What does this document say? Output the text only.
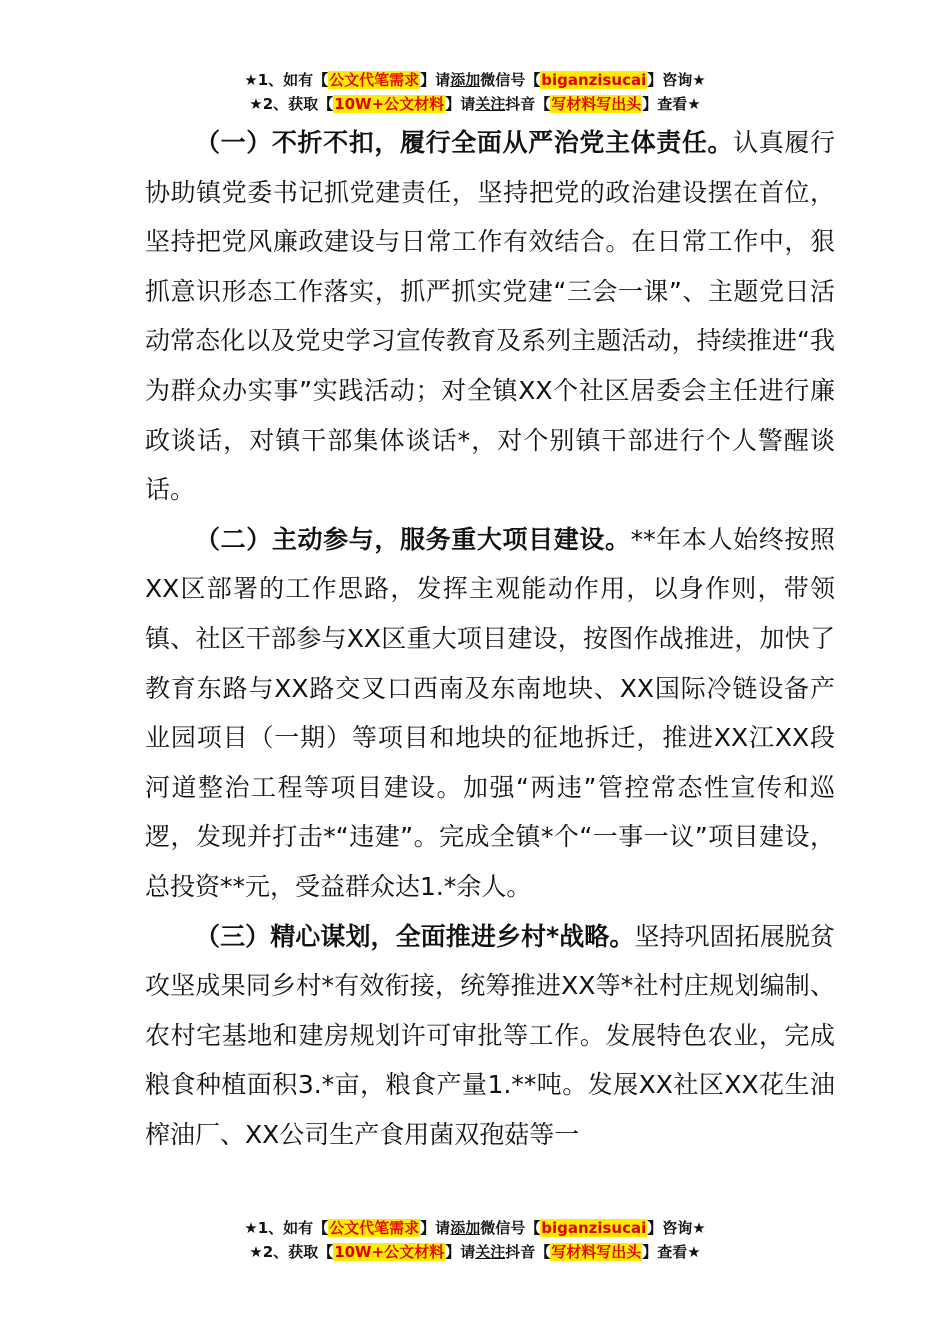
★1、如有【公文代笔需求】请添加微信号【biganzisucai】咨询★
★2、获取【10W+公文材料】请关注抖音【写材料写出头】查看★

（一）不折不扣，履行全面从严治党主体责任。认真履行协助镇党委书记抓党建责任，坚持把党的政治建设摆在首位，坚持把党风廉政建设与日常工作有效结合。在日常工作中，狠抓意识形态工作落实，抓严抓实党建“三会一课”、主题党日活动常态化以及党史学习宣传教育及系列主题活动，持续推进“我为群众办实事”实践活动；对全镇XX个社区居委会主任进行廉政谈话，对镇干部集体谈话*，对个别镇干部进行个人警醒谈话。

（二）主动参与，服务重大项目建设。**年本人始终按照XX区部署的工作思路，发挥主观能动作用，以身作则，带领镇、社区干部参与XX区重大项目建设，按图作战推进，加快了教育东路与XX路交叉口西南及东南地块、XX国际冷链设备产业园项目（一期）等项目和地块的征地拆迁，推进XX江XX段河道整治工程等项目建设。加强“两违”管控常态性宣传和巡逻，发现并打击*“违建”。完成全镇*个“一事一议”项目建设，总投资**元，受益群众达1.*余人。

（三）精心谋划，全面推进乡村*战略。坚持巩固拓展脱贫攻坚成果同乡村*有效衔接，统筹推进XX等*社村庄规划编制、农村宅基地和建房规划许可审批等工作。发展特色农业，完成粮食种植面积3.*亩，粮食产量1.**吨。发展XX社区XX花生油榨油厂、XX公司生产食用菌双孢菇等一

★1、如有【公文代笔需求】请添加微信号【biganzisucai】咨询★
★2、获取【10W+公文材料】请关注抖音【写材料写出头】查看★
